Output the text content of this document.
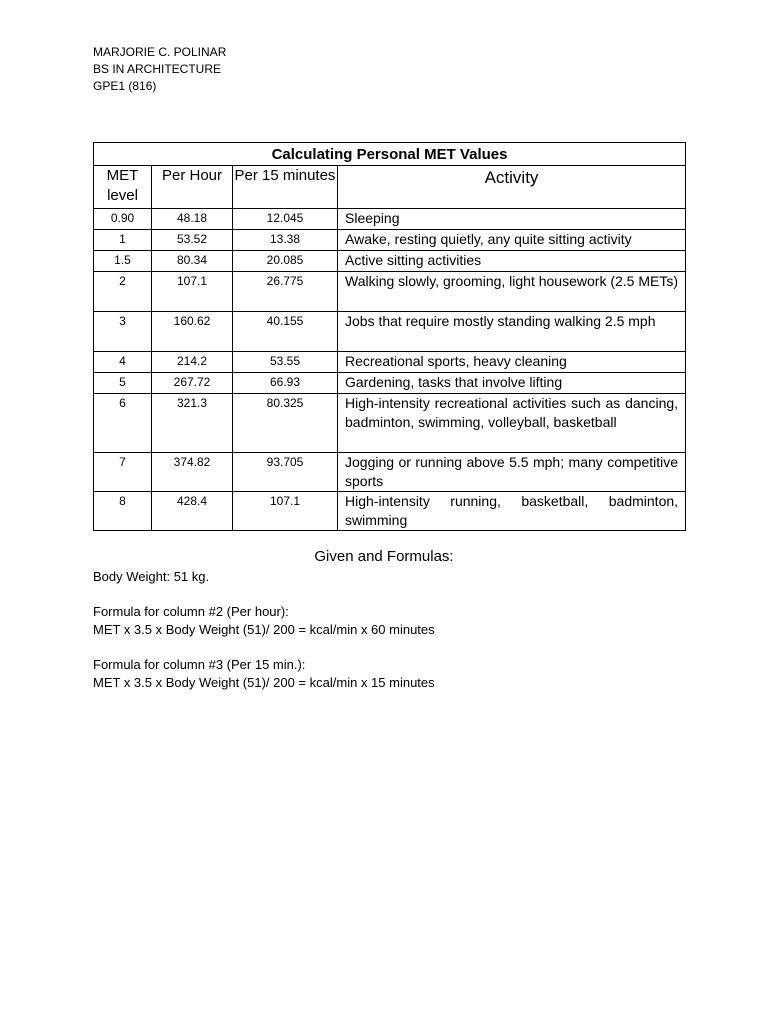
MARJORIE C. POLINAR
BS IN ARCHITECTURE
GPE1 (816)
Calculating Personal MET Values			
MET level	Per Hour	Per 15 minutes	Activity
0.90	48.18	12.045	Sleeping
1	53.52	13.38	Awake, resting quietly, any quite sitting activity
1.5	80.34	20.085	Active sitting activities
2	107.1	26.775	Walking slowly, grooming, light housework (2.5 METs)
3	160.62	40.155	Jobs that require mostly standing walking 2.5 mph
4	214.2	53.55	Recreational sports, heavy cleaning
5	267.72	66.93	Gardening, tasks that involve lifting
6	321.3	80.325	High-intensity recreational activities such as dancing, badminton, swimming, volleyball, basketball
7	374.82	93.705	Jogging or running above 5.5 mph; many competitive sports
8	428.4	107.1	High-intensity running, basketball, badminton, swimming
Given and Formulas:
Body Weight: 51 kg.
Formula for column #2 (Per hour):
MET x 3.5 x Body Weight (51)/ 200 = kcal/min x 60 minutes
Formula for column #3 (Per 15 min.):
MET x 3.5 x Body Weight (51)/ 200 = kcal/min x 15 minutes
